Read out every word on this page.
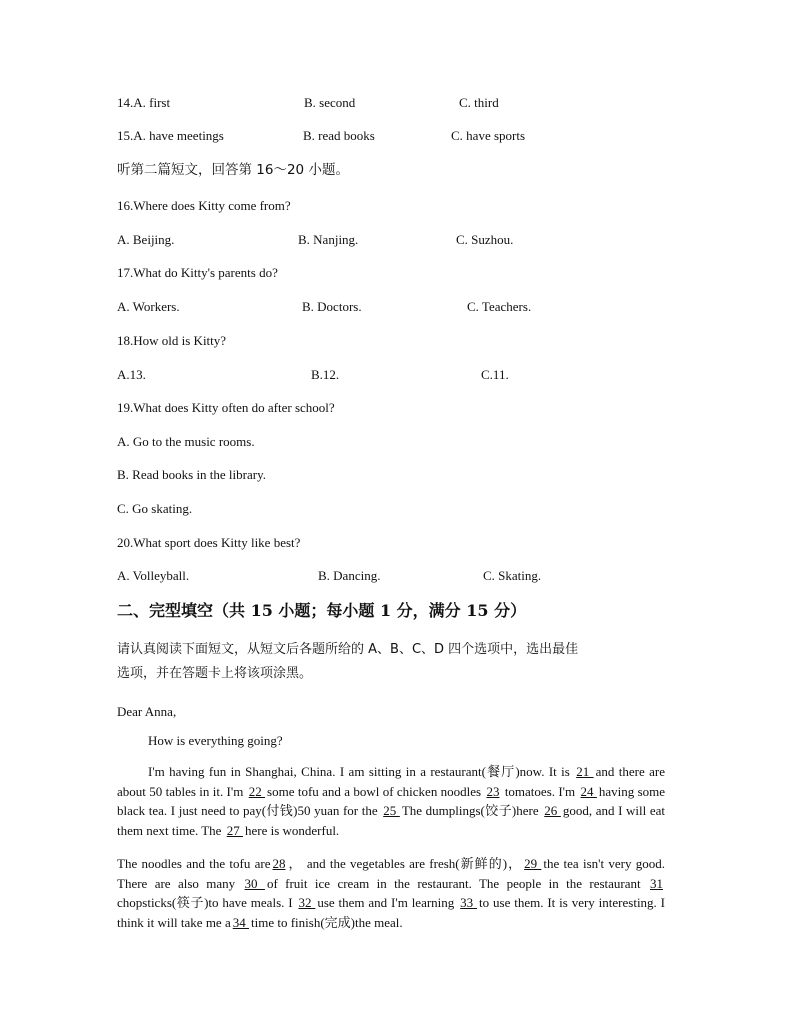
14.A. first	B. second	C. third
15.A. have meetings	B. read books	C. have sports
听第二篇短文，回答第 16～20 小题。
16.Where does Kitty come from?
A. Beijing.	B. Nanjing.	C. Suzhou.
17.What do Kitty's parents do?
A. Workers.	B. Doctors.	C. Teachers.
18.How old is Kitty?
A.13.	B.12.	C.11.
19.What does Kitty often do after school?
A. Go to the music rooms.
B. Read books in the library.
C. Go skating.
20.What sport does Kitty like best?
A. Volleyball.	B. Dancing.	C. Skating.
二、完型填空（共 15 小题；每小题 1 分，满分 15 分）
请认真阅读下面短文，从短文后各题所给的 A、B、C、D 四个选项中，选出最佳
选项，并在答题卡上将该项涂黑。
Dear Anna,
How is everything going?
I'm having fun in Shanghai, China. I am sitting in a restaurant(餐厅)now. It is 21 and there are about 50 tables in it. I'm 22 some tofu and a bowl of chicken noodles 23 tomatoes. I'm 24 having some black tea. I just need to pay(付钱)50 yuan for the 25 The dumplings(饺子)here 26 good, and I will eat them next time. The 27 here is wonderful.
The noodles and the tofu are 28 ， and the vegetables are fresh(新鲜的)， 29 the tea isn't very good. There are also many 30 of fruit ice cream in the restaurant. The people in the restaurant 31 chopsticks(筷子)to have meals. I 32 use them and I'm learning 33 to use them. It is very interesting. I think it will take me a 34 time to finish(完成)the meal.
